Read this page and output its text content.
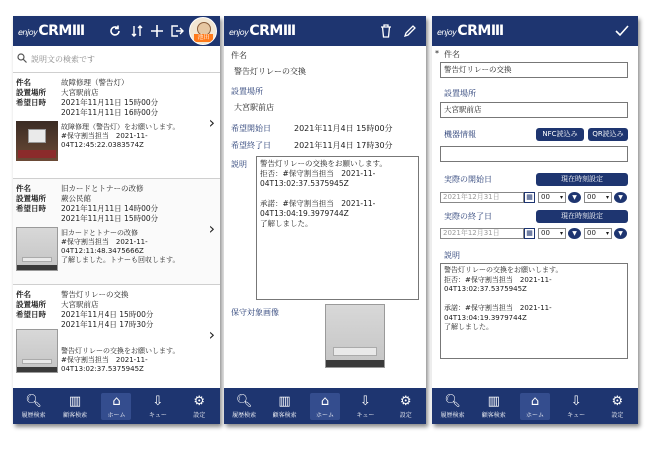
enjoyCRMⅢ	池田
説明文の検索です
件名	故障修理（警告灯）
設置場所 大宮駅前店
希望日時 2021年11月11日 15時00分
2021年11月11日 16時00分
故障修理（警告灯）をお願いします。
#保守割当担当　2021-11-04T12:45:22.0383574Z
›
件名	旧カードとトナーの改修
設置場所 蕨公民館
希望日時 2021年11月11日 14時00分
2021年11月11日 15時00分
旧カードとトナーの改修
#保守割当担当　2021-11-04T12:11:48.3475666Z
了解しました。トナーも回収します。
›
件名	警告灯リレーの交換
設置場所 大宮駅前店
希望日時 2021年11月4日 15時00分
2021年11月4日 17時30分
警告灯リレーの交換をお願いします。
#保守割当担当　2021-11-04T13:02:37.5375945Z
›
🔍︎
履歴検索
▥
顧客検索
⌂
ホーム
⇩
キュー
⚙
設定
enjoyCRMⅢ
件名
警告灯リレーの交換
設置場所
大宮駅前店
希望開始日	2021年11月4日 15時00分
希望終了日	2021年11月4日 17時30分
説明	警告灯リレーの交換をお願いします。
拒否：#保守割当担当　2021-11-04T13:02:37.5375945Z

承諾：#保守割当担当　2021-11-04T13:04:19.3979744Z
了解しました。
保守対象画像
🔍︎
履歴検索
▥
顧客検索
⌂
ホーム
⇩
キュー
⚙
設定
enjoyCRMⅢ
* 件名
警告灯リレーの交換
設置場所
大宮駅前店
機器情報	NFC読込み	QR読込み
実際の開始日	現在時刻設定
2021年12月31日	▦	00 ▾	▼	00 ▾	▼
実際の終了日	現在時刻設定
2021年12月31日	▦	00 ▾	▼	00 ▾	▼
説明
警告灯リレーの交換をお願いします。
拒否：#保守割当担当　2021-11-04T13:02:37.5375945Z

承諾：#保守割当担当　2021-11-04T13:04:19.3979744Z
了解しました。
🔍︎
履歴検索
▥
顧客検索
⌂
ホーム
⇩
キュー
⚙
設定
